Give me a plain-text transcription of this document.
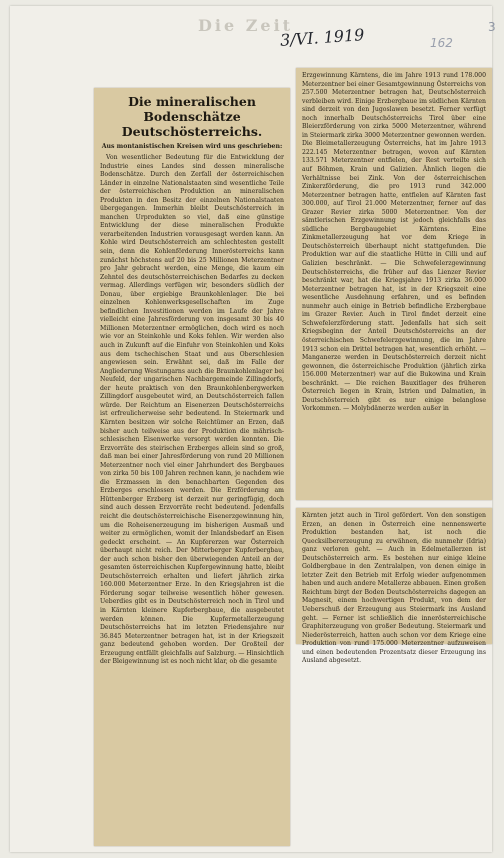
Die Zeit
3/VI. 1919	162
3
Die mineralischen Bodenschätze
Deutschösterreichs.
Aus montanistischen Kreisen wird uns geschrieben:

Von wesentlicher Bedeutung für die Entwicklung der Industrie eines Landes sind dessen mineralische Bodenschätze. Durch den Zerfall der österreichischen Länder in einzelne Nationalstaaten sind wesentliche Teile der österreichischen Produktion an mineralischen Produkten in den Besitz der einzelnen Nationalstaaten übergegangen. Immerhin bleibt Deutschösterreich in manchen Urprodukten so viel, daß eine günstige Entwicklung der diese mineralischen Produkte verarbeitenden Industrien vorausgesagt werden kann. An Kohle wird Deutschösterreich am schlechtesten gestellt sein, denn die Kohlenförderung Innerösterreichs kann zunächst höchstens auf 20 bis 25 Millionen Meterzentner pro Jahr gebracht werden, eine Menge, die kaum ein Zehntel des deutschösterreichischen Bedarfes zu decken vermag. Allerdings verfügen wir, besonders südlich der Donau, über ergiebige Braunkohlenlager. Die bei einzelnen Kohlenwerksgesellschaften im Zuge befindlichen Investitionen werden im Laufe der Jahre vielleicht eine Jahresförderung von insgesamt 30 bis 40 Millionen Meterzentner ermöglichen, doch wird es noch wie vor an Steinkohle und Koks fehlen. Wir werden also auch in Zukunft auf die Einfuhr von Steinkohlen und Koks aus dem tschechischen Staat und aus Oberschlesien angewiesen sein. Erwähnt sei, daß im Falle der Angliederung Westungarns auch die Braunkohlenlager bei Neufeld, der ungarischen Nachbargemeinde Zillingdorfs, der heute praktisch von den Braunkohlenbergwerken Zillingdorf ausgebeutet wird, an Deutschösterreich fallen würde. Der Reichtum an Eisenerzen Deutschösterreichs ist erfreulicherweise sehr bedeutend. In Steiermark und Kärnten besitzen wir solche Reichtümer an Erzen, daß bisher auch teilweise aus der Produktion die mährisch-schlesischen Eisenwerke versorgt werden konnten. Die Erzvorräte des steirischen Erzberges allein sind so groß, daß man bei einer Jahresförderung von rund 20 Millionen Meterzentner noch viel einer Jahrhundert des Bergbaues von zirka 50 bis 100 Jahren rechnen kann, je nachdem wie die Erzmassen in den benachbarten Gegenden des Erzberges erschlossen werden. Die Erzförderung am Hüttenberger Erzberg ist derzeit nur geringfügig, doch sind auch dessen Erzvorräte recht bedeutend. Jedenfalls reicht die deutschösterreichische Eisenerzgewinnung hin, um die Roheisenerzeugung im bisherigen Ausmaß und weiter zu ermöglichen, womit der Inlandsbedarf an Eisen gedeckt erscheint. — An Kupfererzen war Österreich überhaupt nicht reich. Der Mitterberger Kupferbergbau, der auch schon bisher den überwiegenden Anteil an der gesamten österreichischen Kupfergewinnung hatte, bleibt Deutschösterreich erhalten und liefert jährlich zirka 160.000 Meterzentner Erze. In den Kriegsjahren ist die Förderung sogar teilweise wesentlich höher gewesen. Ueberdies gibt es in Deutschösterreich noch in Tirol und in Kärnten kleinere Kupferbergbaue, die ausgebeutet werden können. Die Kupfermetallerzeugung Deutschösterreichs hat im letzten Friedensjahre nur 36.845 Meterzentner betragen hat, ist in der Kriegszeit ganz bedeutend gehoben worden. Der Großteil der Erzeugung entfällt gleichfalls auf Salzburg. — Hinsichtlich der Bleigewinnung ist es noch nicht klar, ob die gesamte

Erzgewinnung Kärntens, die im Jahre 1913 rund 178.000 Meterzentner bei einer Gesamtgewinnung Österreichs von 257.500 Meterzentner betragen hat, Deutschösterreich verbleiben wird. Einige Erzbergbaue im südlichen Kärnten sind derzeit von den Jugoslawen besetzt. Ferner verfügt noch innerhalb Deutschösterreichs Tirol über eine Bleierzförderung von zirka 5000 Meterzentner, während in Steiermark zirka 3000 Meterzentner gewonnen werden. Die Bleimetallerzeugung Österreichs, hat im Jahre 1913 222.145 Meterzentner betragen, wovon auf Kärnten 133.571 Meterzentner entfielen, der Rest verteilte sich auf Böhmen, Krain und Galizien. Ähnlich liegen die Verhältnisse bei Zink. Von der österreichischen Zinkerzförderung, die pro 1913 rund 342.000 Meterzentner betragen hatte, entfielen auf Kärnten fast 300.000, auf Tirol 21.000 Meterzentner, ferner auf das Grazer Revier zirka 5000 Meterzentner. Von der sämtlerischen Erzgewinnung ist jedoch gleichfalls das südliche Bergbaugebiet Kärntens. Eine Zinkmetallerzeugung hat vor dem Kriege in Deutschösterreich überhaupt nicht stattgefunden. Die Produktion war auf die staatliche Hütte in Cilli und auf Galizien beschränkt. — Die Schwefelerzgewinnung Deutschösterreichs, die früher auf das Lienzer Revier beschränkt war, hat die Kriegsjahre 1913 zirka 36.000 Meterzentner betragen hat, ist in der Kriegszeit eine wesentliche Ausdehnung erfahren, und es befinden nunmehr auch einige in Betrieb befindliche Erzbergbaue im Grazer Revier. Auch in Tirol findet derzeit eine Schwefelerzförderung statt. Jedenfalls hat sich seit Kriegsbeginn der Anteil Deutschösterreichs an der österreichischen Schwefelerzgewinnung, die im Jahre 1913 schon ein Drittel betragen hat, wesentlich erhöht. — Manganerze werden in Deutschösterreich derzeit nicht gewonnen, die österreichische Produktion (jährlich zirka 156.000 Meterzentner) war auf die Bukowina und Krain beschränkt. — Die reichen Bauxitlager des früheren Österreich liegen in Krain, Istrien und Dalmatien, in Deutschösterreich gibt es nur einige belanglose Vorkommen. — Molybdänerze werden außer in

Kärnten jetzt auch in Tirol gefördert. Von den sonstigen Erzen, an denen in Österreich eine nennenswerte Produktion bestanden hat, ist noch die Quecksilbererzeugung zu erwähnen, die nunmehr (Idria) ganz verloren geht. — Auch in Edelmetallerzen ist Deutschösterreich arm. Es bestehen nur einige kleine Goldbergbaue in den Zentralalpen, von denen einige in letzter Zeit den Betrieb mit Erfolg wieder aufgenommen haben und auch andere Metallerze abbauen. Einen großen Reichtum birgt der Boden Deutschösterreichs dagegen an Magnesit, einem hochwertigen Produkt, von dem der Ueberschuß der Erzeugung aus Steiermark ins Ausland geht. — Ferner ist schließlich die innerösterreichische Graphiterzeugung von großer Bedeutung. Steiermark und Niederösterreich, hatten auch schon vor dem Kriege eine Produktion von rund 175.000 Meterzentner aufzuweisen und einen bedeutenden Prozentsatz dieser Erzeugung ins Ausland abgesetzt.
